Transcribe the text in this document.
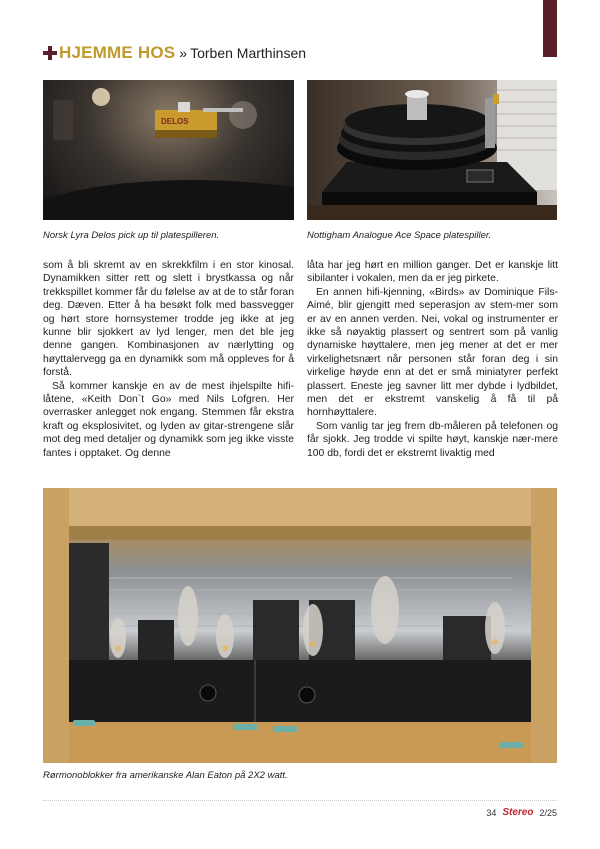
HJEMME HOS » Torben Marthinsen
DELOS
Norsk Lyra Delos pick up til platespilleren.	Nottigham Analogue Ace Space platespiller.

som å bli skremt av en skrekkfilm i en stor kinosal. Dynamikken sitter rett og slett i brystkassa og når trekkspillet kommer får du følelse av at de to står foran deg. Dæven. Etter å ha besøkt folk med bassvegger og hørt store hornsystemer trodde jeg ikke at jeg kunne blir sjokkert av lyd lenger, men det ble jeg denne gangen. Kombinasjonen av nærlytting og høyttalervegg ga en dynamikk som må oppleves for å forstå.

Så kommer kanskje en av de mest ihjelspilte hifi-låtene, «Keith Don`t Go» med Nils Lofgren. Her overrasker anlegget nok engang. Stemmen får ekstra kraft og eksplosivitet, og lyden av gitar-strengene slår mot deg med detaljer og dynamikk som jeg ikke visste fantes i opptaket. Og denne

låta har jeg hørt en million ganger. Det er kanskje litt sibilanter i vokalen, men da er jeg pirkete.

En annen hifi-kjenning, «Birds» av Dominique Fils-Aimé, blir gjengitt med seperasjon av stem-mer som er av en annen verden. Nei, vokal og instrumenter er ikke så nøyaktig plassert og sentrert som på vanlig dynamiske høyttalere, men jeg mener at det er mer virkelighetsnært når personen står foran deg i sin virkelige høyde enn at det er små miniatyrer perfekt plassert. Eneste jeg savner litt mer dybde i lydbildet, men det er ekstremt vanskelig å få til på hornhøyttalere.

Som vanlig tar jeg frem db-måleren på telefonen og får sjokk. Jeg trodde vi spilte høyt, kanskje nær-mere 100 db, fordi det er ekstremt livaktig med

Rørmonoblokker fra amerikanske Alan Eaton på 2X2 watt.
34 Stereo 2/25
